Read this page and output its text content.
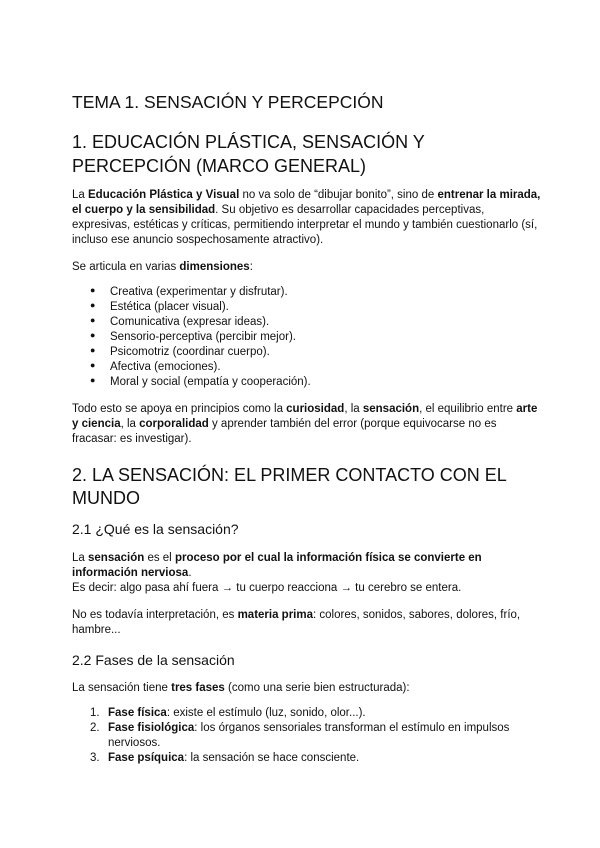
TEMA 1. SENSACIÓN Y PERCEPCIÓN
1. EDUCACIÓN PLÁSTICA, SENSACIÓN Y
PERCEPCIÓN (MARCO GENERAL)
La Educación Plástica y Visual no va solo de “dibujar bonito”, sino de entrenar la mirada,
el cuerpo y la sensibilidad. Su objetivo es desarrollar capacidades perceptivas,
expresivas, estéticas y críticas, permitiendo interpretar el mundo y también cuestionarlo (sí,
incluso ese anuncio sospechosamente atractivo).
Se articula en varias dimensiones:
● Creativa (experimentar y disfrutar).
● Estética (placer visual).
● Comunicativa (expresar ideas).
● Sensorio-perceptiva (percibir mejor).
● Psicomotriz (coordinar cuerpo).
● Afectiva (emociones).
● Moral y social (empatía y cooperación).
Todo esto se apoya en principios como la curiosidad, la sensación, el equilibrio entre arte
y ciencia, la corporalidad y aprender también del error (porque equivocarse no es
fracasar: es investigar).
2. LA SENSACIÓN: EL PRIMER CONTACTO CON EL
MUNDO
2.1 ¿Qué es la sensación?
La sensación es el proceso por el cual la información física se convierte en
información nerviosa.
Es decir: algo pasa ahí fuera → tu cuerpo reacciona → tu cerebro se entera.
No es todavía interpretación, es materia prima: colores, sonidos, sabores, dolores, frío,
hambre...
2.2 Fases de la sensación
La sensación tiene tres fases (como una serie bien estructurada):
1. Fase física: existe el estímulo (luz, sonido, olor...).
2. Fase fisiológica: los órganos sensoriales transforman el estímulo en impulsos
nerviosos.
3. Fase psíquica: la sensación se hace consciente.
